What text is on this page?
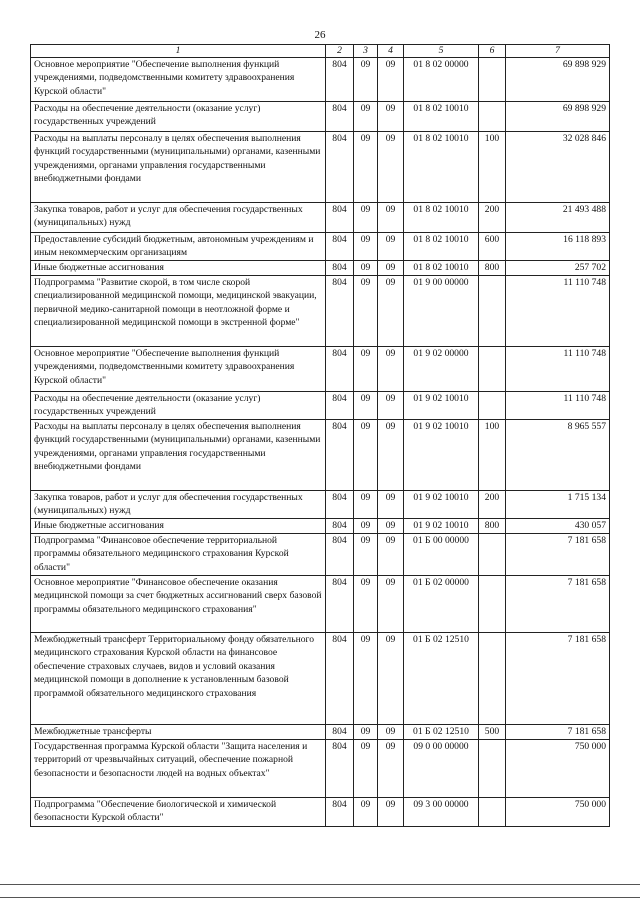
26
1	2	3	4	5	6	7
Основное мероприятие "Обеспечение выполнения функций учреждениями, подведомственными комитету здравоохранения Курской области"	804	09	09	01 8 02 00000		69 898 929
Расходы на обеспечение деятельности (оказание услуг) государственных учреждений	804	09	09	01 8 02 10010		69 898 929
Расходы на выплаты персоналу в целях обеспечения выполнения функций государственными (муниципальными) органами, казенными учреждениями, органами управления государственными внебюджетными фондами	804	09	09	01 8 02 10010	100	32 028 846
Закупка товаров, работ и услуг для обеспечения государственных (муниципальных) нужд	804	09	09	01 8 02 10010	200	21 493 488
Предоставление субсидий бюджетным, автономным учреждениям и иным некоммерческим организациям	804	09	09	01 8 02 10010	600	16 118 893
Иные бюджетные ассигнования	804	09	09	01 8 02 10010	800	257 702
Подпрограмма "Развитие скорой, в том числе скорой специализированной медицинской помощи, медицинской эвакуации, первичной медико-санитарной помощи в неотложной форме и специализированной медицинской помощи в экстренной форме"	804	09	09	01 9 00 00000		11 110 748
Основное мероприятие "Обеспечение выполнения функций учреждениями, подведомственными комитету здравоохранения Курской области"	804	09	09	01 9 02 00000		11 110 748
Расходы на обеспечение деятельности (оказание услуг) государственных учреждений	804	09	09	01 9 02 10010		11 110 748
Расходы на выплаты персоналу в целях обеспечения выполнения функций государственными (муниципальными) органами, казенными учреждениями, органами управления государственными внебюджетными фондами	804	09	09	01 9 02 10010	100	8 965 557
Закупка товаров, работ и услуг для обеспечения государственных (муниципальных) нужд	804	09	09	01 9 02 10010	200	1 715 134
Иные бюджетные ассигнования	804	09	09	01 9 02 10010	800	430 057
Подпрограмма "Финансовое обеспечение территориальной программы обязательного медицинского страхования Курской области"	804	09	09	01 Б 00 00000		7 181 658
Основное мероприятие "Финансовое обеспечение оказания медицинской помощи за счет бюджетных ассигнований сверх базовой программы обязательного медицинского страхования"	804	09	09	01 Б 02 00000		7 181 658
Межбюджетный трансферт Территориальному фонду обязательного медицинского страхования Курской области на финансовое обеспечение страховых случаев, видов и условий оказания медицинской помощи в дополнение к установленным базовой программой обязательного медицинского страхования	804	09	09	01 Б 02 12510		7 181 658
Межбюджетные трансферты	804	09	09	01 Б 02 12510	500	7 181 658
Государственная программа Курской области "Защита населения и территорий от чрезвычайных ситуаций, обеспечение пожарной безопасности и безопасности людей на водных объектах"	804	09	09	09 0 00 00000		750 000
Подпрограмма "Обеспечение биологической и химической безопасности Курской области"	804	09	09	09 3 00 00000		750 000
